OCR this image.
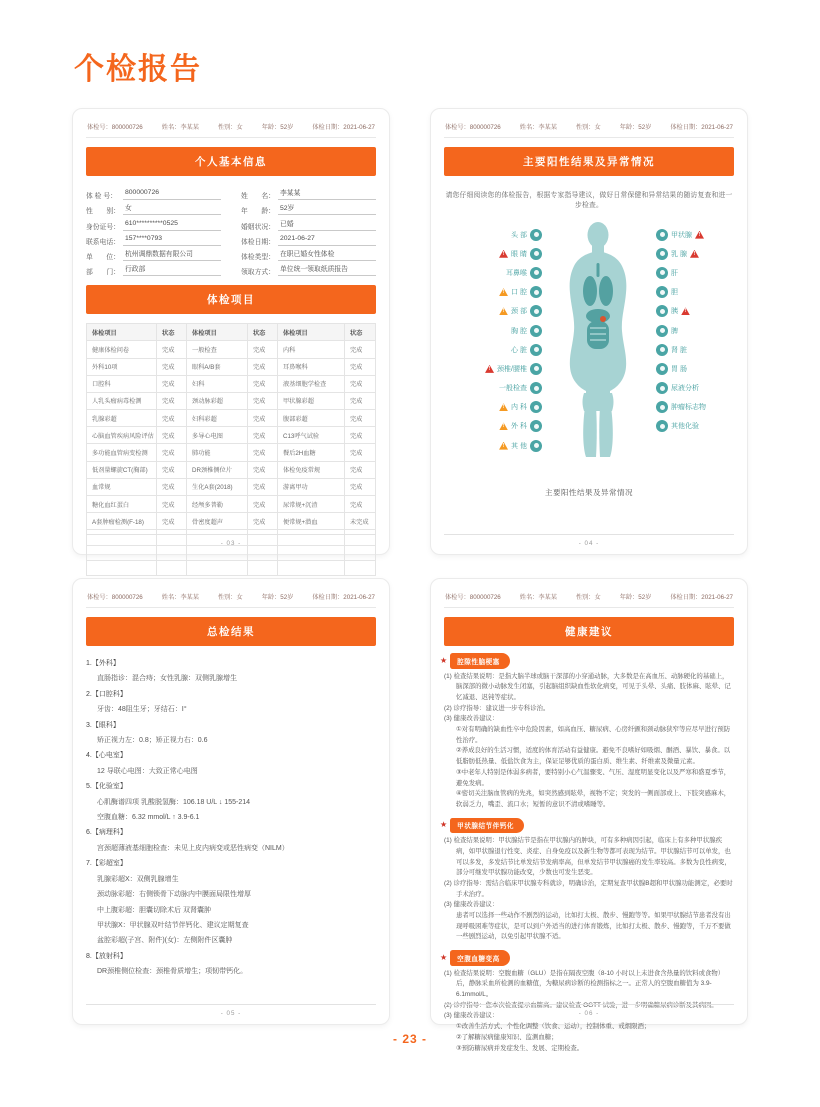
个检报告
体检号：800000726	姓名：李某某	性别：女	年龄：52岁	体检日期：2021-06-27
个人基本信息
体 检 号：
800000726
姓　　名： 李某某
性　　别： 女	年　　龄： 52岁
身份证号：
610**********0525
婚姻状况： 已婚
联系电话：
157****0793
体检日期：
2021-06-27
单　　位： 杭州调鼎数据有限公司	体检类型： 在职已婚女性体检
部　　门： 行政部	领取方式： 单位统一领取纸质报告
体检项目
体检项目	状态	体检项目	状态	体检项目	状态
健康体检问卷	完成	一般检查	完成	内科	完成
外科10项	完成	眼科A/B套	完成	耳鼻喉科	完成
口腔科	完成	妇科	完成	液基细胞学检查	完成
人乳头瘤病毒检测	完成	颈动脉彩超	完成	甲状腺彩超	完成
乳腺彩超	完成	妇科彩超	完成	腹部彩超	完成
心脑血管疾病风险评估	完成	多导心电图	完成	C13呼气试验	完成
多功能血管病变检测	完成	肺功能	完成	餐后2H血糖	完成
低剂量螺旋CT(胸部)	完成	DR颈椎侧位片	完成	体检免疫常规	完成
血常规	完成	生化A套(2018)	完成	游离甲功	完成
糖化血红蛋白	完成	经颅多普勒	完成	尿常规+沉渣	完成
A套肿瘤检测(F-18)	完成	骨密度超声	完成	便常规+潜血	未完成
- 03 -
体检号：800000726	姓名：李某某	性别：女	年龄：52岁	体检日期：2021-06-27
主要阳性结果及异常情况
请您仔细阅读您的体检报告，根据专家指导建议，做好日常保健和异常结果的随访复查和进一步检查。
头 部
! 眼 睛
耳鼻喉
! 口 腔
! 颈 部
胸 腔
心 脏
! 颈椎/腰椎
一般检查
! 内 科
! 外 科
! 其 他
甲状腺	!
乳 腺	!
肝
胆
胰	!
脾
肾 脏
胃 肠
尿液分析
肿瘤标志物
其他化验
主要阳性结果及异常情况
- 04 -
体检号：800000726	姓名：李某某	性别：女	年龄：52岁	体检日期：2021-06-27
总检结果
1.【外科】
直肠指诊：混合痔；女性乳腺：双侧乳腺增生
2.【口腔科】
牙齿：48阻生牙；牙结石：Ⅰ°
3.【眼科】
矫正视力左：0.8；矫正视力右：0.6
4.【心电室】
12 导联心电图：大致正常心电图
5.【化验室】
心肌酶谱四项 乳酸脱氢酶：106.18 U/L ↓ 155-214
空腹血糖：6.32 mmol/L ↑ 3.9-6.1
6.【病理科】
宫颈超薄液基细胞检查：未见上皮内病变或恶性病变（NILM）
7.【彩超室】
乳腺彩超X：双侧乳腺增生
颈动脉彩超：右侧锁骨下动脉内中膜面局限性增厚
中上腹彩超：胆囊切除术后 双肾囊肿
甲状腺X：甲状腺双叶结节伴钙化、建议定期复查
盆腔彩超(子宫、附件)(女)：左侧附件区囊肿
8.【放射科】
DR颈椎侧位检查：颈椎骨质增生；项韧带钙化。
- 05 -
体检号：800000726	姓名：李某某	性别：女	年龄：52岁	体检日期：2021-06-27
健康建议
★	腔隙性脑梗塞
(1) 检查结果说明：是指大脑半球或脑干深部的小穿通动脉，大多数是在高血压、动脉硬化的基础上，脑深部的微小动脉发生闭塞，引起脑组织缺血性软化病变，可见于头晕、头痛、肢体麻、眩晕、记忆减退、迟钝等症状。
(2) 诊疗指导：建议进一步专科诊治。
(3) 健康改善建议：
①对有明确的缺血性卒中危险因素，如高血压、糖尿病、心房纤颤和颈动脉狭窄等应尽早进行预防性治疗。
②养成良好的生活习惯，适度的体育活动有益健康。避免不良嗜好如吸烟、酗酒、暴饮、暴食。以低脂肪低热量、低盐饮食为主，保证足够优质的蛋白质、维生素、纤维素及微量元素。
③中老年人特别是体弱多病者，要特别小心气温骤变、气压、湿度明显变化以及严寒和盛夏季节，避免发病。
④密切关注脑血管病的先兆，如突然感到眩晕，视物不定；突发的一侧面部或上、下肢突感麻木，软弱乏力，嘴歪、流口水；短暂的意识不清或嗜睡等。
★	甲状腺结节伴钙化
(1) 检查结果说明：甲状腺结节是指在甲状腺内的肿块，可有多种病因引起，临床上有多种甲状腺疾病，如甲状腺退行性变、炎症、自身免疫以及新生物等都可表现为结节。甲状腺结节可以单发，也可以多发，多发结节比单发结节发病率高，但单发结节甲状腺癌的发生率较高。多数为良性病变，部分可继发甲状腺功能改变，少数也可发生恶变。
(2) 诊疗指导：需结合临床甲状腺专科就诊，明确诊治，定期复查甲状腺B超和甲状腺功能测定，必要时手术治疗。
(3) 健康改善建议：
患者可以选择一些动作不剧烈的运动，比如打太极、散步、慢跑等等。如果甲状腺结节患者没有出现呼吸困难等症状，是可以到户外适当的进行体育锻炼，比如打太极、散步、慢跑等，千万不要做一些剧烈运动，以免引起甲状腺不适。
★	空腹血糖变高
(1) 检查结果说明：空腹血糖（GLU）是指在隔夜空腹（8-10 小时以上未进食含热量的饮料或食物）后，静脉采血所检测的血糖值，为糖尿病诊断的检测指标之一。正常人的空腹血糖值为 3.9-6.1mmol/L。
(2) 诊疗指导：您本次检查提示血糖高。建议检查 OGTT 试验，进一步明确糖尿病诊断及其病因。
(3) 健康改善建议：
①改善生活方式、个性化调整（饮食、运动），控制体重、戒烟限酒；
②了解糖尿病健康知识、监测血糖；
③预防糖尿病并发症发生、发展、定期检查。
- 06 -
- 23 -
